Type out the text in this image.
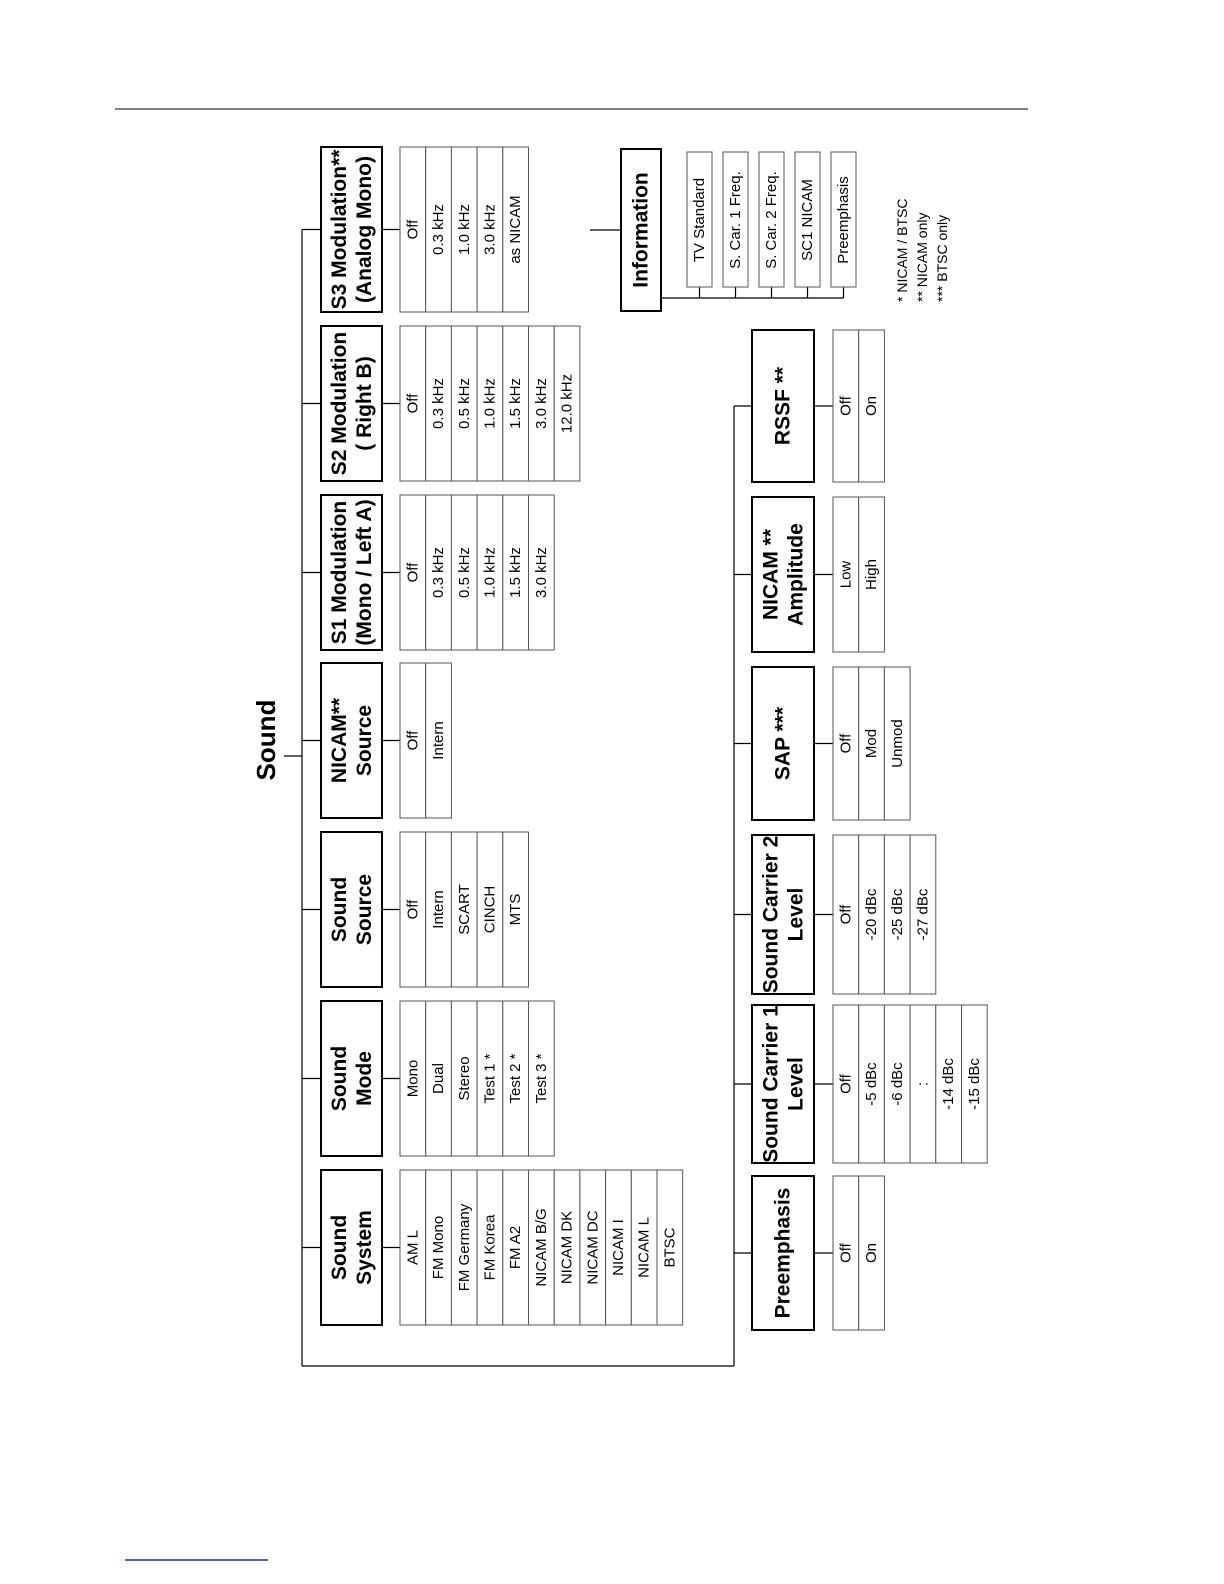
Sound
Sound System AM L FM Mono FM Germany FM Korea FM A2 NICAM B/G NICAM DK NICAM DC NICAM I NICAM L BTSC
Sound Mode Mono Dual Stereo Test 1 * Test 2 * Test 3 *
Sound Source Off Intern SCART CINCH MTS
NICAM** Source Off Intern
S1 Modulation (Mono / Left A) Off 0.3 kHz 0.5 kHz 1.0 kHz 1.5 kHz 3.0 kHz
S2 Modulation ( Right B) Off 0.3 kHz 0.5 kHz 1.0 kHz 1.5 kHz 3.0 kHz 12.0 kHz
S3 Modulation** (Analog Mono) Off 0.3 kHz 1.0 kHz 3.0 kHz as NICAM
Preemphasis	Off On
Sound Carrier 1 Level Off -5 dBc -6 dBc : -14 dBc -15 dBc
Sound Carrier 2 Level Off -20 dBc -25 dBc -27 dBc
SAP ***	Off Mod Unmod
NICAM ** Amplitude Low High
RSSF **	Off On
Information	TV Standard S. Car. 1 Freq. S. Car. 2 Freq. SC1 NICAM Preemphasis	* NICAM / BTSC ** NICAM only *** BTSC only
